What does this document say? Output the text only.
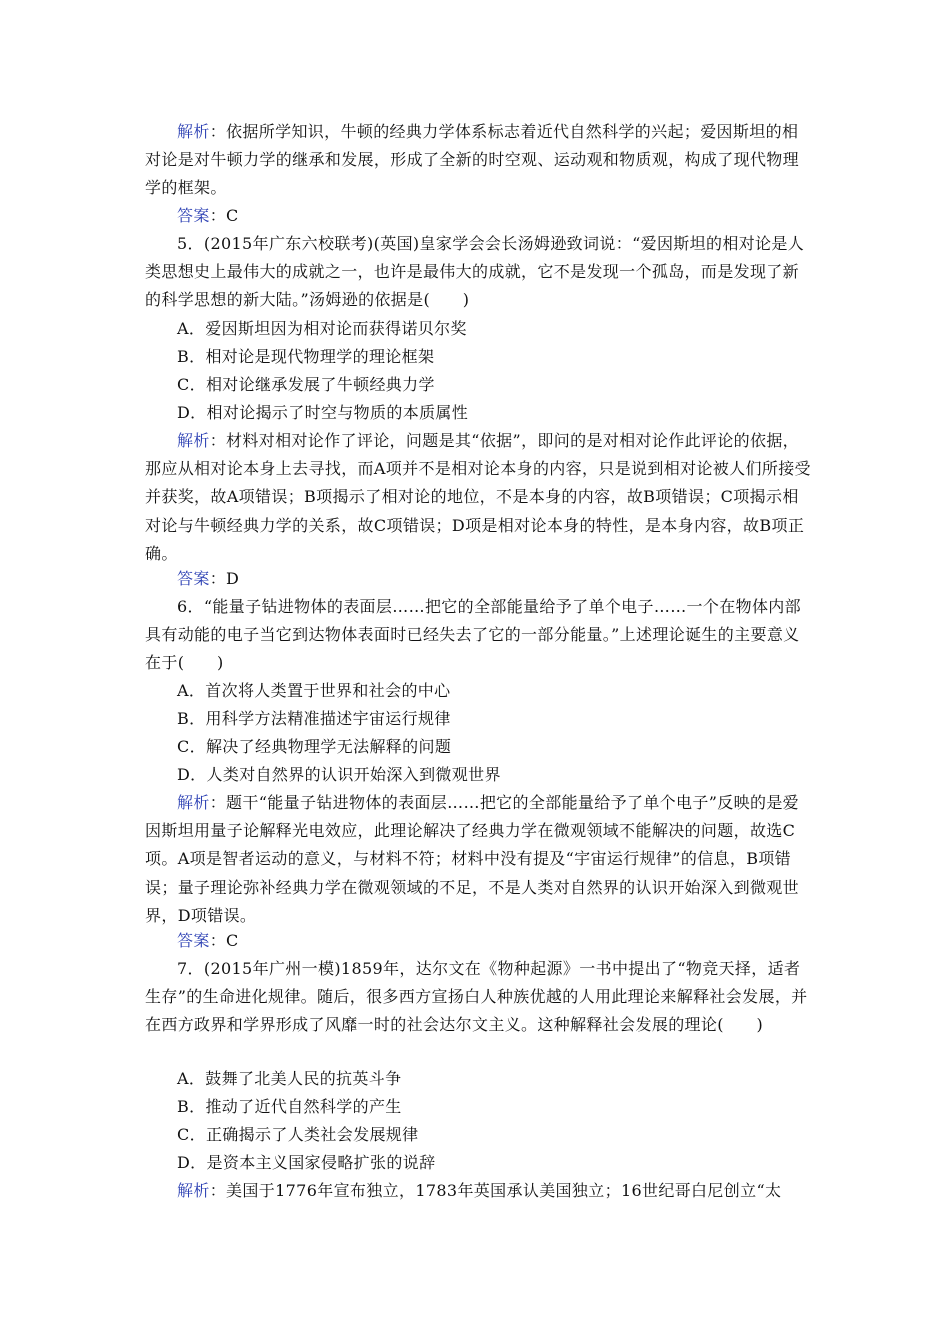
解析：依据所学知识，牛顿的经典力学体系标志着近代自然科学的兴起；爱因斯坦的相对论是对牛顿力学的继承和发展，形成了全新的时空观、运动观和物质观，构成了现代物理学的框架。
答案：C
5．(2015年广东六校联考)(英国)皇家学会会长汤姆逊致词说：“爱因斯坦的相对论是人类思想史上最伟大的成就之一，也许是最伟大的成就，它不是发现一个孤岛，而是发现了新的科学思想的新大陆。”汤姆逊的依据是(　　)
A．爱因斯坦因为相对论而获得诺贝尔奖
B．相对论是现代物理学的理论框架
C．相对论继承发展了牛顿经典力学
D．相对论揭示了时空与物质的本质属性
解析：材料对相对论作了评论，问题是其“依据”，即问的是对相对论作此评论的依据，那应从相对论本身上去寻找，而A项并不是相对论本身的内容，只是说到相对论被人们所接受并获奖，故A项错误；B项揭示了相对论的地位，不是本身的内容，故B项错误；C项揭示相对论与牛顿经典力学的关系，故C项错误；D项是相对论本身的特性，是本身内容，故B项正确。
答案：D
6．“能量子钻进物体的表面层……把它的全部能量给予了单个电子……一个在物体内部具有动能的电子当它到达物体表面时已经失去了它的一部分能量。”上述理论诞生的主要意义在于(　　)
A．首次将人类置于世界和社会的中心
B．用科学方法精准描述宇宙运行规律
C．解决了经典物理学无法解释的问题
D．人类对自然界的认识开始深入到微观世界
解析：题干“能量子钻进物体的表面层……把它的全部能量给予了单个电子”反映的是爱因斯坦用量子论解释光电效应，此理论解决了经典力学在微观领域不能解决的问题，故选C项。A项是智者运动的意义，与材料不符；材料中没有提及“宇宙运行规律”的信息，B项错误；量子理论弥补经典力学在微观领域的不足，不是人类对自然界的认识开始深入到微观世界，D项错误。
答案：C
7．(2015年广州一模)1859年，达尔文在《物种起源》一书中提出了“物竞天择，适者生存”的生命进化规律。随后，很多西方宣扬白人种族优越的人用此理论来解释社会发展，并在西方政界和学界形成了风靡一时的社会达尔文主义。这种解释社会发展的理论(　　)
A．鼓舞了北美人民的抗英斗争
B．推动了近代自然科学的产生
C．正确揭示了人类社会发展规律
D．是资本主义国家侵略扩张的说辞
解析：美国于1776年宣布独立，1783年英国承认美国独立；16世纪哥白尼创立“太
